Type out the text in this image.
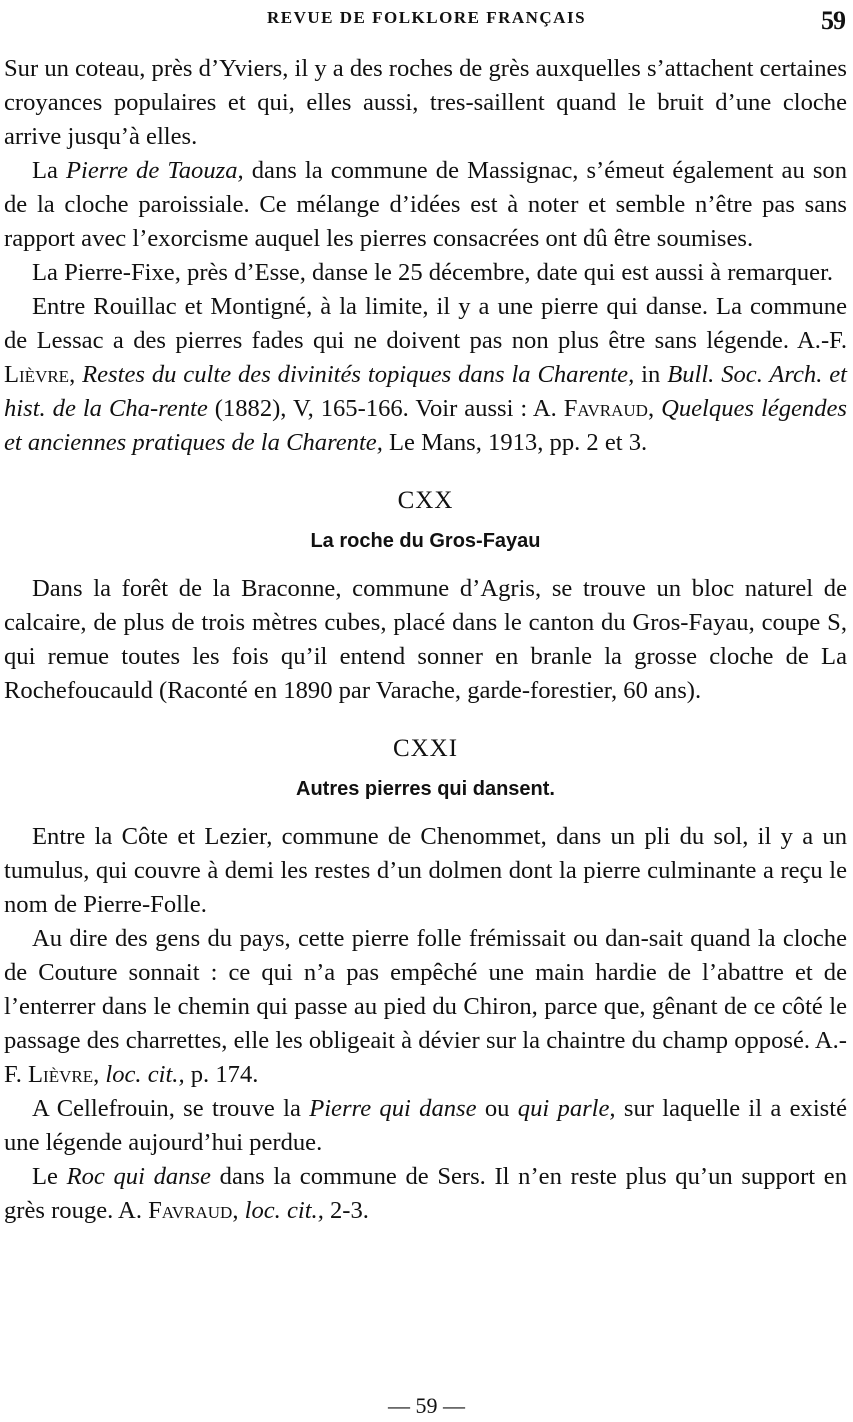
REVUE DE FOLKLORE FRANÇAIS	59

Sur un coteau, près d’Yviers, il y a des roches de grès auxquelles s’attachent certaines croyances populaires et qui, elles aussi, tres-saillent quand le bruit d’une cloche arrive jusqu’à elles.

La Pierre de Taouza, dans la commune de Massignac, s’émeut également au son de la cloche paroissiale. Ce mélange d’idées est à noter et semble n’être pas sans rapport avec l’exorcisme auquel les pierres consacrées ont dû être soumises.

La Pierre-Fixe, près d’Esse, danse le 25 décembre, date qui est aussi à remarquer.

Entre Rouillac et Montigné, à la limite, il y a une pierre qui danse. La commune de Lessac a des pierres fades qui ne doivent pas non plus être sans légende. A.-F. Lièvre, Restes du culte des divinités topiques dans la Charente, in Bull. Soc. Arch. et hist. de la Cha-rente (1882), V, 165-166. Voir aussi : A. Favraud, Quelques légendes et anciennes pratiques de la Charente, Le Mans, 1913, pp. 2 et 3.

CXX
La roche du Gros-Fayau

Dans la forêt de la Braconne, commune d’Agris, se trouve un bloc naturel de calcaire, de plus de trois mètres cubes, placé dans le canton du Gros-Fayau, coupe S, qui remue toutes les fois qu’il entend sonner en branle la grosse cloche de La Rochefoucauld (Raconté en 1890 par Varache, garde-forestier, 60 ans).

CXXI
Autres pierres qui dansent.

Entre la Côte et Lezier, commune de Chenommet, dans un pli du sol, il y a un tumulus, qui couvre à demi les restes d’un dolmen dont la pierre culminante a reçu le nom de Pierre-Folle.

Au dire des gens du pays, cette pierre folle frémissait ou dan-sait quand la cloche de Couture sonnait : ce qui n’a pas empêché une main hardie de l’abattre et de l’enterrer dans le chemin qui passe au pied du Chiron, parce que, gênant de ce côté le passage des charrettes, elle les obligeait à dévier sur la chaintre du champ opposé. A.-F. Lièvre, loc. cit., p. 174.

A Cellefrouin, se trouve la Pierre qui danse ou qui parle, sur laquelle il a existé une légende aujourd’hui perdue.

Le Roc qui danse dans la commune de Sers. Il n’en reste plus qu’un support en grès rouge. A. Favraud, loc. cit., 2-3.

— 59 —
